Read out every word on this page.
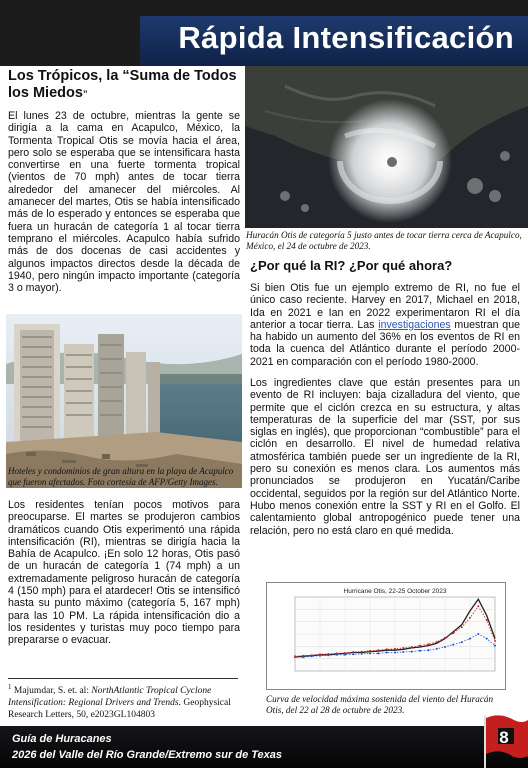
Rápida Intensificación
Los Trópicos, la “Suma de Todos los Miedos”
El lunes 23 de octubre, mientras la gente se dirigía a la cama en Acapulco, México, la Tormenta Tropical Otis se movía hacia el área, pero solo se esperaba que se intensificara hasta convertirse en una fuerte tormenta tropical (vientos de 70 mph) antes de tocar tierra alrededor del amanecer del miércoles. Al amanecer del martes, Otis se había intensificado más de lo esperado y entonces se esperaba que fuera un huracán de categoría 1 al tocar tierra temprano el miércoles. Acapulco había sufrido más de dos docenas de casi accidentes y algunos impactos directos desde la década de 1940, pero ningún impacto importante (categoría 3 o mayor).
Hoteles y condominios de gran altura en la playa de Acapulco que fueron afectados. Foto cortesía de AFP/Getty Images.
Los residentes tenían pocos motivos para preocuparse. El martes se produjeron cambios dramáticos cuando Otis experimentó una rápida intensificación (RI), mientras se dirigía hacia la Bahía de Acapulco. ¡En solo 12 horas, Otis pasó de un huracán de categoría 1 (74 mph) a un extremadamente peligroso huracán de categoría 4 (150 mph) para el atardecer! Otis se intensificó hasta su punto máximo (categoría 5, 167 mph) para las 10 PM. La rápida intensificación dio a los residentes y turistas muy poco tiempo para prepararse o evacuar.
$^1$ Majumdar, S. et. al: NorthAtlantic Tropical Cyclone Intensification: Regional Drivers and Trends. Geophysical Research Letters, 50, e2023GL104803
Huracán Otis de categoría 5 justo antes de tocar tierra cerca de Acapulco, México, el 24 de octubre de 2023.
¿Por qué la RI? ¿Por qué ahora?
Si bien Otis fue un ejemplo extremo de RI, no fue el único caso reciente. Harvey en 2017, Michael en 2018, Ida en 2021 e Ian en 2022 experimentaron RI el día anterior a tocar tierra. Las investigaciones muestran que ha habido un aumento del 36% en los eventos de RI en toda la cuenca del Atlántico durante el período 2000-2021 en comparación con el período 1980-2000.
Los ingredientes clave que están presentes para un evento de RI incluyen: baja cizalladura del viento, que permite que el ciclón crezca en su estructura, y altas temperaturas de la superficie del mar (SST, por sus siglas en inglés), que proporcionan “combustible” para el ciclón en desarrollo. El nivel de humedad relativa atmosférica también puede ser un ingrediente de la RI, pero su conexión es menos clara. Los aumentos más pronunciados se produjeron en Yucatán/Caribe occidental, seguidos por la región sur del Atlántico Norte. Hubo menos conexión entre la SST y RI en el Golfo. El calentamiento global antropogénico puede tener una relación, pero no está claro en qué medida.
Hurricane Otis, 22-25 October 2023
Curva de velocidad máxima sostenida del viento del Huracán Otis, del 22 al 28 de octubre de 2023.
Guía de Huracanes
2026 del Valle del Río Grande/Extremo sur de Texas
8
